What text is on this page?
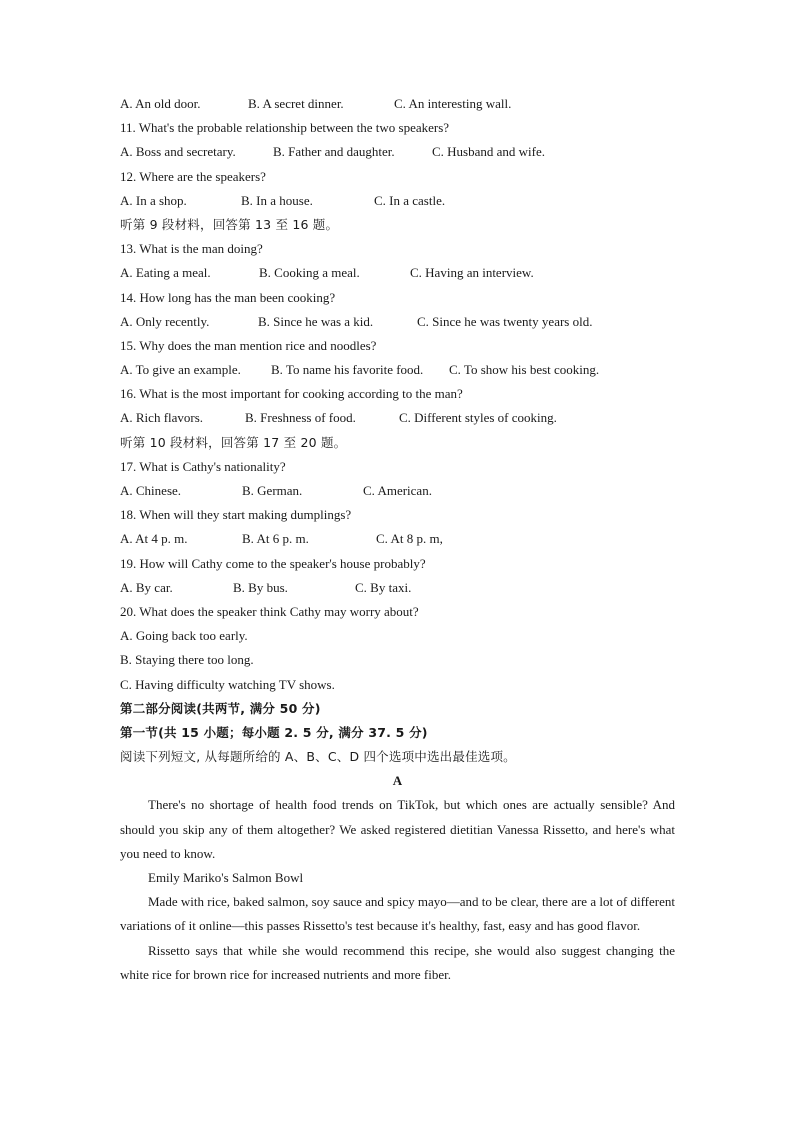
A. An old door.	B. A secret dinner.	C. An interesting wall.
11. What's the probable relationship between the two speakers?
A. Boss and secretary.	B. Father and daughter.	C. Husband and wife.
12. Where are the speakers?
A. In a shop.	B. In a house.	C. In a castle.
听第 9 段材料，回答第 13 至 16 题。
13. What is the man doing?
A. Eating a meal.	B. Cooking a meal.	C. Having an interview.
14. How long has the man been cooking?
A. Only recently.	B. Since he was a kid.	C. Since he was twenty years old.
15. Why does the man mention rice and noodles?
A. To give an example. B. To name his favorite food. C. To show his best cooking.
16. What is the most important for cooking according to the man?
A. Rich flavors.	B. Freshness of food.	C. Different styles of cooking.
听第 10 段材料，回答第 17 至 20 题。
17. What is Cathy's nationality?
A. Chinese.	B. German.	C. American.
18. When will they start making dumplings?
A. At 4 p. m.	B. At 6 p. m.	C. At 8 p. m,
19. How will Cathy come to the speaker's house probably?
A. By car.	B. By bus.	C. By taxi.
20. What does the speaker think Cathy may worry about?
A. Going back too early.
B. Staying there too long.
C. Having difficulty watching TV shows.
第二部分阅读(共两节, 满分 50 分)
第一节(共 15 小题；每小题 2. 5 分, 满分 37. 5 分)
阅读下列短文, 从每题所给的 A、B、C、D 四个选项中选出最佳选项。
A

There's no shortage of health food trends on TikTok, but which ones are actually sensible? And should you skip any of them altogether? We asked registered dietitian Vanessa Rissetto, and here's what you need to know.

Emily Mariko's Salmon Bowl

Made with rice, baked salmon, soy sauce and spicy mayo—and to be clear, there are a lot of different variations of it online—this passes Rissetto's test because it's healthy, fast, easy and has good flavor.

Rissetto says that while she would recommend this recipe, she would also suggest changing the white rice for brown rice for increased nutrients and more fiber.
